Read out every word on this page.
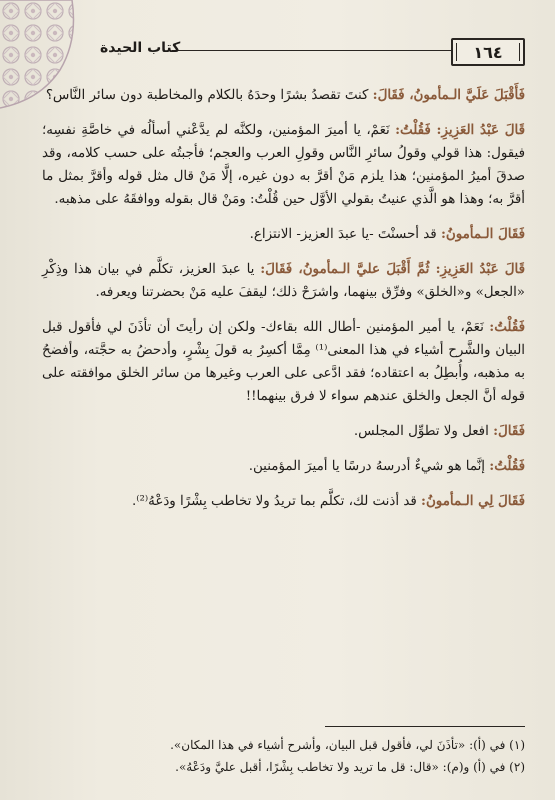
١٦٤
كتاب الحيدة

فَأَقْبَلَ عَلَيَّ الـمأمونُ، فَقَالَ: كنتَ تقصدُ بشرًا وحدَهُ بالكلام والمخاطبة دون سائر النَّاس؟

قَالَ عَبْدُ العَزِيزِ: فَقُلْتُ: نَعَمْ، يا أميرَ المؤمنين، ولكنَّه لم يدَّعْني أسألُه في خاصَّةِ نفسِه؛ فيقول: هذا قولي وقولُ سائرِ النَّاس وقولِ العرب والعجم؛ فأجبتُه على حسب كلامه، وقد صدقَ أميرُ المؤمنين؛ هذا يلزم مَنْ أقرَّ به دون غيره، إلَّا مَنْ قال مثل قوله وأقرَّ بمثل ما أقرَّ به؛ وهذا هو الَّذي عنيتُ بقولي الأوَّل حين قُلْتُ: ومَنْ قال بقوله ووافقَهُ على مذهبه.

فَقَالَ الـمأمونُ: قد أحسنْتَ -يا عبدَ العزيز- الانتزاع.

قَالَ عَبْدُ العَزِيزِ: ثُمَّ أَقْبَلَ عليَّ الـمأمونُ، فَقَالَ: يا عبدَ العزيز، تكلَّم في بيان هذا وذِكْرِ «الجعل» و«الخلق» وفرِّق بينهما، واشرَحْ ذلك؛ ليقفَ عليه مَنْ بحضرتنا ويعرفه.

فَقُلْتُ: نَعَمْ، يا أمير المؤمنين -أطال الله بقاءك- ولكن إن رأيتَ أن تأذَنَ لي فأقول قبل البيان والشَّرح أشياء في هذا المعنى⁽¹⁾ مِمَّا أكسِرُ به قولَ بِشْرٍ، وأدحضُ به حجَّته، وأفضحُ به مذهبه، وأُبطِلُ به اعتقاده؛ فقد ادَّعى على العرب وغيرها من سائر الخلق موافقته على قوله أنَّ الجعل والخلق عندهم سواء لا فرق بينهما!!

فَقَالَ: افعل ولا تطوِّل المجلس.

فَقُلْتُ: إنَّما هو شيءٌ أدرسهُ درسًا يا أميرَ المؤمنين.

فَقَالَ لِي الـمأمونُ: قد أذنت لك، تكلَّم بما تريدُ ولا تخاطب بِشْرًا ودَعْهُ⁽²⁾.

(١) في (أ): «تأذَنَ لي، فأقول قبل البيان، وأشرح أشياء في هذا المكان».

(٢) في (أ) و(م): «قال: قل ما تريد ولا تخاطب بِشْرًا، أقبل عليَّ ودَعْهُ».
